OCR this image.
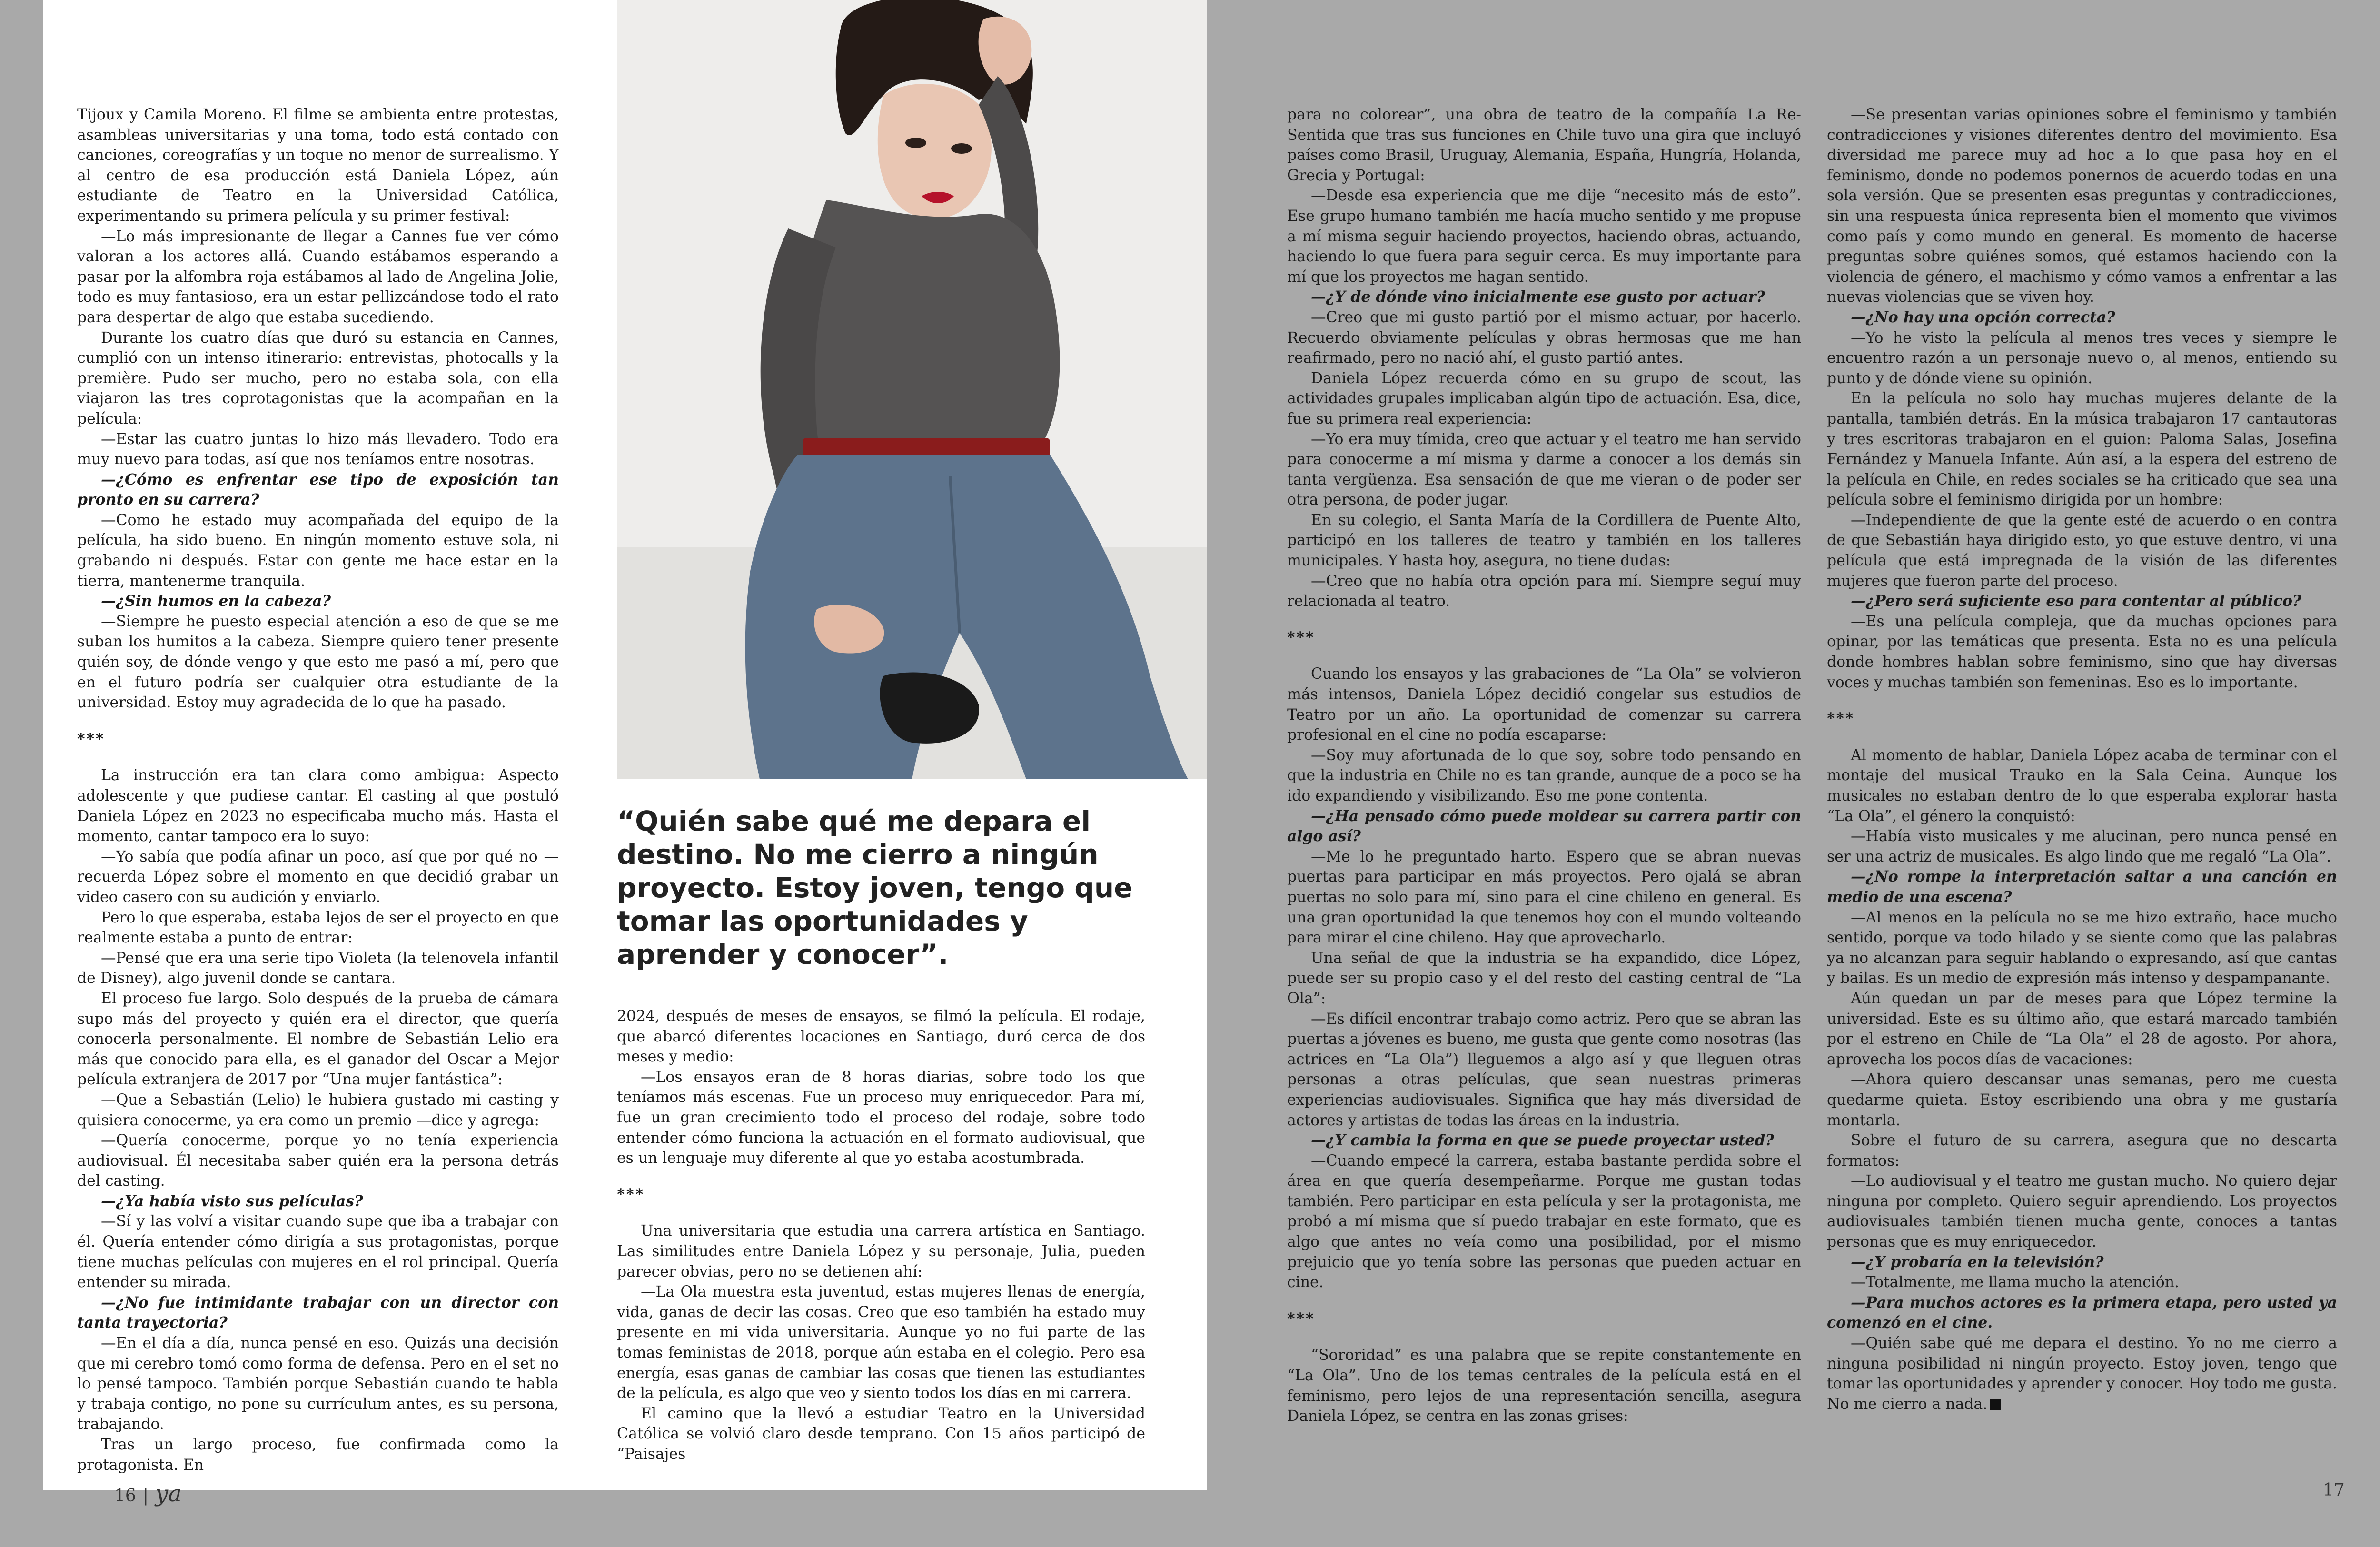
Tijoux y Camila Moreno. El filme se ambienta entre protestas, asambleas universitarias y una toma, todo está contado con canciones, coreografías y un toque no menor de surrealismo. Y al centro de esa producción está Daniela López, aún estudiante de Teatro en la Universidad Católica, experimentando su primera película y su primer festival:

—Lo más impresionante de llegar a Cannes fue ver cómo valoran a los actores allá. Cuando estábamos esperando a pasar por la alfombra roja estábamos al lado de Angelina Jolie, todo es muy fantasioso, era un estar pellizcándose todo el rato para despertar de algo que estaba sucediendo.

Durante los cuatro días que duró su estancia en Cannes, cumplió con un intenso itinerario: entrevistas, photocalls y la première. Pudo ser mucho, pero no estaba sola, con ella viajaron las tres coprotagonistas que la acompañan en la película:

—Estar las cuatro juntas lo hizo más llevadero. Todo era muy nuevo para todas, así que nos teníamos entre nosotras.

—¿Cómo es enfrentar ese tipo de exposición tan pronto en su carrera?

—Como he estado muy acompañada del equipo de la película, ha sido bueno. En ningún momento estuve sola, ni grabando ni después. Estar con gente me hace estar en la tierra, mantenerme tranquila.

—¿Sin humos en la cabeza?

—Siempre he puesto especial atención a eso de que se me suban los humitos a la cabeza. Siempre quiero tener presente quién soy, de dónde vengo y que esto me pasó a mí, pero que en el futuro podría ser cualquier otra estudiante de la universidad. Estoy muy agradecida de lo que ha pasado.

***

La instrucción era tan clara como ambigua: Aspecto adolescente y que pudiese cantar. El casting al que postuló Daniela López en 2023 no especificaba mucho más. Hasta el momento, cantar tampoco era lo suyo:

—Yo sabía que podía afinar un poco, así que por qué no —recuerda López sobre el momento en que decidió grabar un video casero con su audición y enviarlo.

Pero lo que esperaba, estaba lejos de ser el proyecto en que realmente estaba a punto de entrar:

—Pensé que era una serie tipo Violeta (la telenovela infantil de Disney), algo juvenil donde se cantara.

El proceso fue largo. Solo después de la prueba de cámara supo más del proyecto y quién era el director, que quería conocerla personalmente. El nombre de Sebastián Lelio era más que conocido para ella, es el ganador del Oscar a Mejor película extranjera de 2017 por “Una mujer fantástica”:

—Que a Sebastián (Lelio) le hubiera gustado mi casting y quisiera conocerme, ya era como un premio —dice y agrega:

—Quería conocerme, porque yo no tenía experiencia audiovisual. Él necesitaba saber quién era la persona detrás del casting.

—¿Ya había visto sus películas?

—Sí y las volví a visitar cuando supe que iba a trabajar con él. Quería entender cómo dirigía a sus protagonistas, porque tiene muchas películas con mujeres en el rol principal. Quería entender su mirada.

—¿No fue intimidante trabajar con un director con tanta trayectoria?

—En el día a día, nunca pensé en eso. Quizás una decisión que mi cerebro tomó como forma de defensa. Pero en el set no lo pensé tampoco. También porque Sebastián cuando te habla y trabaja contigo, no pone su currículum antes, es su persona, trabajando.

Tras un largo proceso, fue confirmada como la protagonista. En

“Quién sabe qué me depara el destino. No me cierro a ningún proyecto. Estoy joven, tengo que tomar las oportunidades y aprender y conocer”.

2024, después de meses de ensayos, se filmó la película. El rodaje, que abarcó diferentes locaciones en Santiago, duró cerca de dos meses y medio:

—Los ensayos eran de 8 horas diarias, sobre todo los que teníamos más escenas. Fue un proceso muy enriquecedor. Para mí, fue un gran crecimiento todo el proceso del rodaje, sobre todo entender cómo funciona la actuación en el formato audiovisual, que es un lenguaje muy diferente al que yo estaba acostumbrada.

***

Una universitaria que estudia una carrera artística en Santiago. Las similitudes entre Daniela López y su personaje, Julia, pueden parecer obvias, pero no se detienen ahí:

—La Ola muestra esta juventud, estas mujeres llenas de energía, vida, ganas de decir las cosas. Creo que eso también ha estado muy presente en mi vida universitaria. Aunque yo no fui parte de las tomas feministas de 2018, porque aún estaba en el colegio. Pero esa energía, esas ganas de cambiar las cosas que tienen las estudiantes de la película, es algo que veo y siento todos los días en mi carrera.

El camino que la llevó a estudiar Teatro en la Universidad Católica se volvió claro desde temprano. Con 15 años participó de “Paisajes

16 | ya

para no colorear”, una obra de teatro de la compañía La Re-Sentida que tras sus funciones en Chile tuvo una gira que incluyó países como Brasil, Uruguay, Alemania, España, Hungría, Holanda, Grecia y Portugal:

—Desde esa experiencia que me dije “necesito más de esto”. Ese grupo humano también me hacía mucho sentido y me propuse a mí misma seguir haciendo proyectos, haciendo obras, actuando, haciendo lo que fuera para seguir cerca. Es muy importante para mí que los proyectos me hagan sentido.

—¿Y de dónde vino inicialmente ese gusto por actuar?

—Creo que mi gusto partió por el mismo actuar, por hacerlo. Recuerdo obviamente películas y obras hermosas que me han reafirmado, pero no nació ahí, el gusto partió antes.

Daniela López recuerda cómo en su grupo de scout, las actividades grupales implicaban algún tipo de actuación. Esa, dice, fue su primera real experiencia:

—Yo era muy tímida, creo que actuar y el teatro me han servido para conocerme a mí misma y darme a conocer a los demás sin tanta vergüenza. Esa sensación de que me vieran o de poder ser otra persona, de poder jugar.

En su colegio, el Santa María de la Cordillera de Puente Alto, participó en los talleres de teatro y también en los talleres municipales. Y hasta hoy, asegura, no tiene dudas:

—Creo que no había otra opción para mí. Siempre seguí muy relacionada al teatro.

***

Cuando los ensayos y las grabaciones de “La Ola” se volvieron más intensos, Daniela López decidió congelar sus estudios de Teatro por un año. La oportunidad de comenzar su carrera profesional en el cine no podía escaparse:

—Soy muy afortunada de lo que soy, sobre todo pensando en que la industria en Chile no es tan grande, aunque de a poco se ha ido expandiendo y visibilizando. Eso me pone contenta.

—¿Ha pensado cómo puede moldear su carrera partir con algo así?

—Me lo he preguntado harto. Espero que se abran nuevas puertas para participar en más proyectos. Pero ojalá se abran puertas no solo para mí, sino para el cine chileno en general. Es una gran oportunidad la que tenemos hoy con el mundo volteando para mirar el cine chileno. Hay que aprovecharlo.

Una señal de que la industria se ha expandido, dice López, puede ser su propio caso y el del resto del casting central de “La Ola”:

—Es difícil encontrar trabajo como actriz. Pero que se abran las puertas a jóvenes es bueno, me gusta que gente como nosotras (las actrices en “La Ola”) lleguemos a algo así y que lleguen otras personas a otras películas, que sean nuestras primeras experiencias audiovisuales. Significa que hay más diversidad de actores y artistas de todas las áreas en la industria.

—¿Y cambia la forma en que se puede proyectar usted?

—Cuando empecé la carrera, estaba bastante perdida sobre el área en que quería desempeñarme. Porque me gustan todas también. Pero participar en esta película y ser la protagonista, me probó a mí misma que sí puedo trabajar en este formato, que es algo que antes no veía como una posibilidad, por el mismo prejuicio que yo tenía sobre las personas que pueden actuar en cine.

***

“Sororidad” es una palabra que se repite constantemente en “La Ola”. Uno de los temas centrales de la película está en el feminismo, pero lejos de una representación sencilla, asegura Daniela López, se centra en las zonas grises:

—Se presentan varias opiniones sobre el feminismo y también contradicciones y visiones diferentes dentro del movimiento. Esa diversidad me parece muy ad hoc a lo que pasa hoy en el feminismo, donde no podemos ponernos de acuerdo todas en una sola versión. Que se presenten esas preguntas y contradicciones, sin una respuesta única representa bien el momento que vivimos como país y como mundo en general. Es momento de hacerse preguntas sobre quiénes somos, qué estamos haciendo con la violencia de género, el machismo y cómo vamos a enfrentar a las nuevas violencias que se viven hoy.

—¿No hay una opción correcta?

—Yo he visto la película al menos tres veces y siempre le encuentro razón a un personaje nuevo o, al menos, entiendo su punto y de dónde viene su opinión.

En la película no solo hay muchas mujeres delante de la pantalla, también detrás. En la música trabajaron 17 cantautoras y tres escritoras trabajaron en el guion: Paloma Salas, Josefina Fernández y Manuela Infante. Aún así, a la espera del estreno de la película en Chile, en redes sociales se ha criticado que sea una película sobre el feminismo dirigida por un hombre:

—Independiente de que la gente esté de acuerdo o en contra de que Sebastián haya dirigido esto, yo que estuve dentro, vi una película que está impregnada de la visión de las diferentes mujeres que fueron parte del proceso.

—¿Pero será suficiente eso para contentar al público?

—Es una película compleja, que da muchas opciones para opinar, por las temáticas que presenta. Esta no es una película donde hombres hablan sobre feminismo, sino que hay diversas voces y muchas también son femeninas. Eso es lo importante.

***

Al momento de hablar, Daniela López acaba de terminar con el montaje del musical Trauko en la Sala Ceina. Aunque los musicales no estaban dentro de lo que esperaba explorar hasta “La Ola”, el género la conquistó:

—Había visto musicales y me alucinan, pero nunca pensé en ser una actriz de musicales. Es algo lindo que me regaló “La Ola”.

—¿No rompe la interpretación saltar a una canción en medio de una escena?

—Al menos en la película no se me hizo extraño, hace mucho sentido, porque va todo hilado y se siente como que las palabras ya no alcanzan para seguir hablando o expresando, así que cantas y bailas. Es un medio de expresión más intenso y despampanante.

Aún quedan un par de meses para que López termine la universidad. Este es su último año, que estará marcado también por el estreno en Chile de “La Ola” el 28 de agosto. Por ahora, aprovecha los pocos días de vacaciones:

—Ahora quiero descansar unas semanas, pero me cuesta quedarme quieta. Estoy escribiendo una obra y me gustaría montarla.

Sobre el futuro de su carrera, asegura que no descarta formatos:

—Lo audiovisual y el teatro me gustan mucho. No quiero dejar ninguna por completo. Quiero seguir aprendiendo. Los proyectos audiovisuales también tienen mucha gente, conoces a tantas personas que es muy enriquecedor.

—¿Y probaría en la televisión?

—Totalmente, me llama mucho la atención.

—Para muchos actores es la primera etapa, pero usted ya comenzó en el cine.

—Quién sabe qué me depara el destino. Yo no me cierro a ninguna posibilidad ni ningún proyecto. Estoy joven, tengo que tomar las oportunidades y aprender y conocer. Hoy todo me gusta. No me cierro a nada.

17
